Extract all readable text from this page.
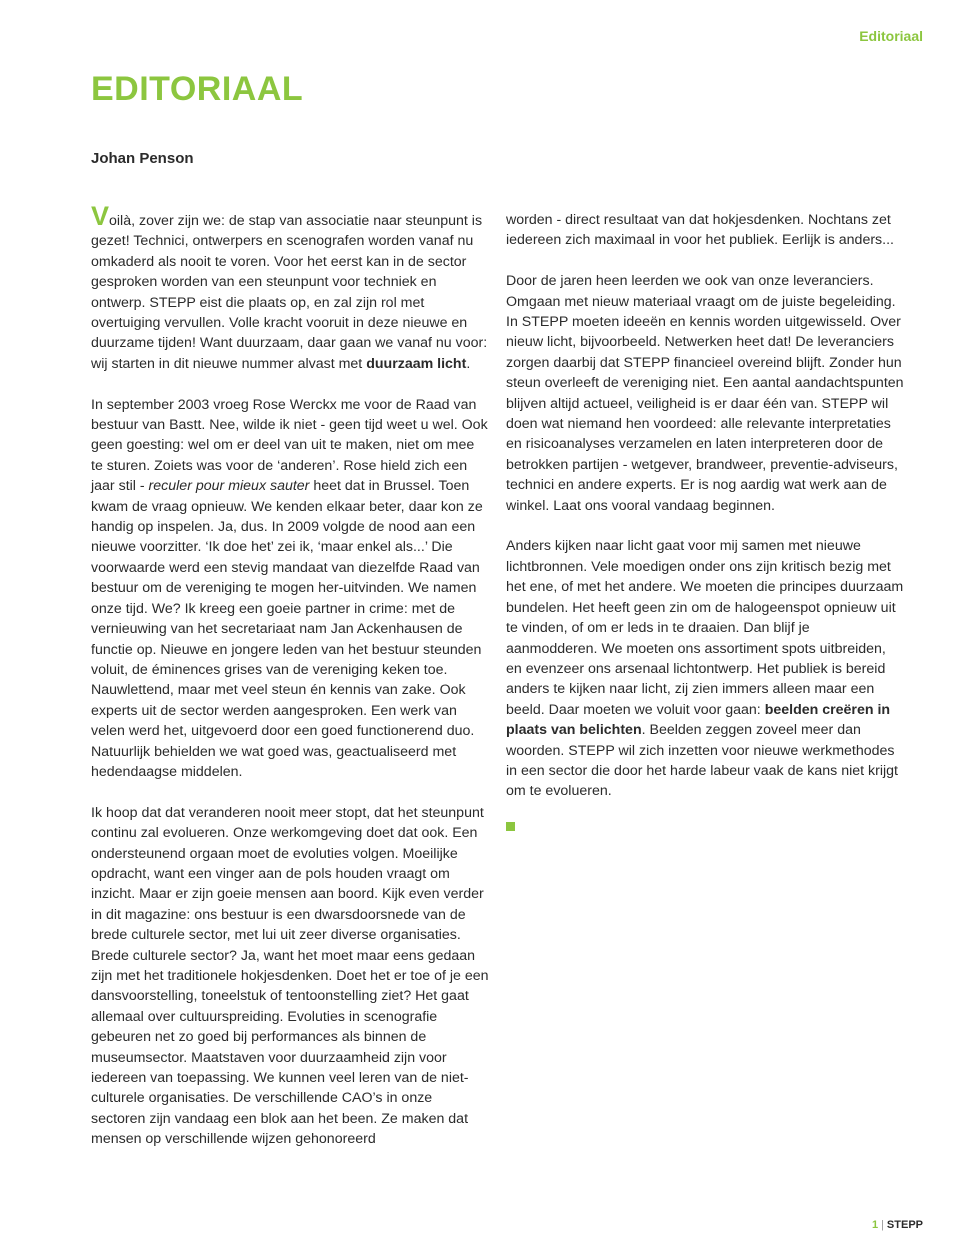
Editoriaal
EDITORIAAL
Johan Penson

Voilà, zover zijn we: de stap van associatie naar steunpunt is gezet! Technici, ontwerpers en scenografen worden vanaf nu omkaderd als nooit te voren. Voor het eerst kan in de sector gesproken worden van een steunpunt voor techniek en ontwerp. STEPP eist die plaats op, en zal zijn rol met overtuiging vervullen. Volle kracht vooruit in deze nieuwe en duurzame tijden! Want duurzaam, daar gaan we vanaf nu voor: wij starten in dit nieuwe nummer alvast met duurzaam licht.

In september 2003 vroeg Rose Werckx me voor de Raad van bestuur van Bastt. Nee, wilde ik niet - geen tijd weet u wel. Ook geen goesting: wel om er deel van uit te maken, niet om mee te sturen. Zoiets was voor de ‘anderen’. Rose hield zich een jaar stil - reculer pour mieux sauter heet dat in Brussel. Toen kwam de vraag opnieuw. We kenden elkaar beter, daar kon ze handig op inspelen. Ja, dus. In 2009 volgde de nood aan een nieuwe voorzitter. ‘Ik doe het’ zei ik, ‘maar enkel als...’ Die voorwaarde werd een stevig mandaat van diezelfde Raad van bestuur om de vereniging te mogen her-uitvinden. We namen onze tijd. We? Ik kreeg een goeie partner in crime: met de vernieuwing van het secretariaat nam Jan Ackenhausen de functie op. Nieuwe en jongere leden van het bestuur steunden voluit, de éminences grises van de vereniging keken toe. Nauwlettend, maar met veel steun én kennis van zake. Ook experts uit de sector werden aangesproken. Een werk van velen werd het, uitgevoerd door een goed functionerend duo. Natuurlijk behielden we wat goed was, geactualiseerd met hedendaagse middelen.

Ik hoop dat dat veranderen nooit meer stopt, dat het steunpunt continu zal evolueren. Onze werkomgeving doet dat ook. Een ondersteunend orgaan moet de evoluties volgen. Moeilijke opdracht, want een vinger aan de pols houden vraagt om inzicht. Maar er zijn goeie mensen aan boord. Kijk even verder in dit magazine: ons bestuur is een dwarsdoorsnede van de brede culturele sector, met lui uit zeer diverse organisaties. Brede culturele sector? Ja, want het moet maar eens gedaan zijn met het traditionele hokjesdenken. Doet het er toe of je een dansvoorstelling, toneelstuk of tentoonstelling ziet? Het gaat allemaal over cultuurspreiding. Evoluties in scenografie gebeuren net zo goed bij performances als binnen de museumsector. Maatstaven voor duurzaamheid zijn voor iedereen van toepassing. We kunnen veel leren van de niet-culturele organisaties. De verschillende CAO’s in onze sectoren zijn vandaag een blok aan het been. Ze maken dat mensen op verschillende wijzen gehonoreerd

worden - direct resultaat van dat hokjesdenken. Nochtans zet iedereen zich maximaal in voor het publiek. Eerlijk is anders...

Door de jaren heen leerden we ook van onze leveranciers. Omgaan met nieuw materiaal vraagt om de juiste begeleiding. In STEPP moeten ideeën en kennis worden uitgewisseld. Over nieuw licht, bijvoorbeeld. Netwerken heet dat! De leveranciers zorgen daarbij dat STEPP financieel overeind blijft. Zonder hun steun overleeft de vereniging niet. Een aantal aandachtspunten blijven altijd actueel, veiligheid is er daar één van. STEPP wil doen wat niemand hen voordeed: alle relevante interpretaties en risicoanalyses verzamelen en laten interpreteren door de betrokken partijen - wetgever, brandweer, preventie-adviseurs, technici en andere experts. Er is nog aardig wat werk aan de winkel. Laat ons vooral vandaag beginnen.

Anders kijken naar licht gaat voor mij samen met nieuwe lichtbronnen. Vele moedigen onder ons zijn kritisch bezig met het ene, of met het andere. We moeten die principes duurzaam bundelen. Het heeft geen zin om de halogeenspot opnieuw uit te vinden, of om er leds in te draaien. Dan blijf je aanmodderen. We moeten ons assortiment spots uitbreiden, en evenzeer ons arsenaal lichtontwerp. Het publiek is bereid anders te kijken naar licht, zij zien immers alleen maar een beeld. Daar moeten we voluit voor gaan: beelden creëren in plaats van belichten. Beelden zeggen zoveel meer dan woorden. STEPP wil zich inzetten voor nieuwe werkmethodes in een sector die door het harde labeur vaak de kans niet krijgt om te evolueren.

1 | STEPP
